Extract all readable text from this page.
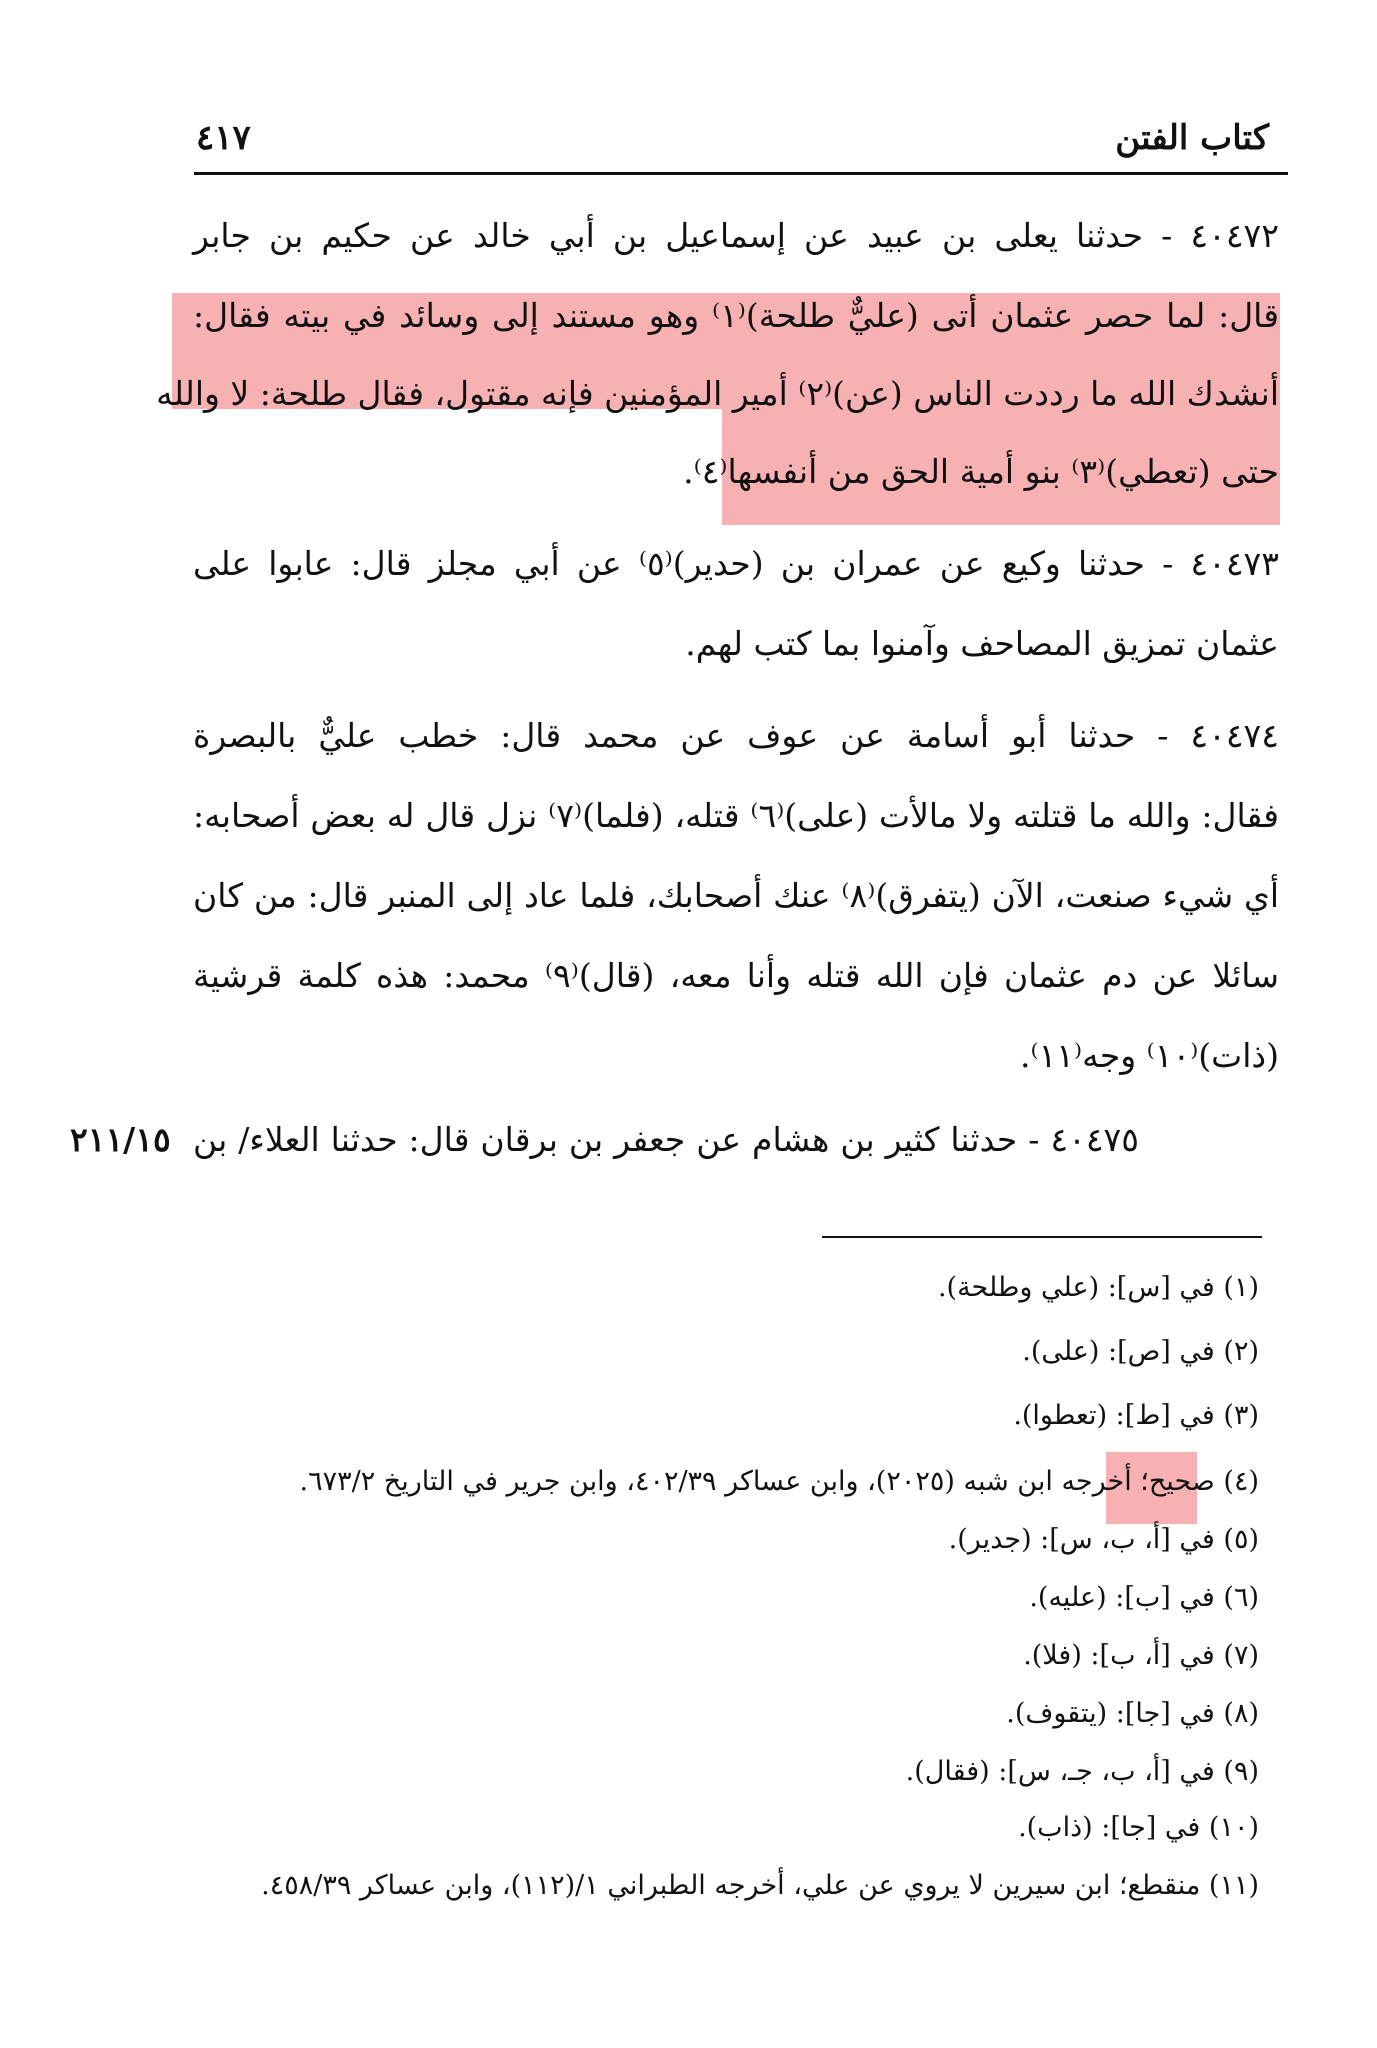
كتاب الفتن
٤١٧
٤٠٤٧٢ - حدثنا يعلى بن عبيد عن إسماعيل بن أبي خالد عن حكيم بن جابر
قال: لما حصر عثمان أتى (عليٌّ طلحة)⁽١⁾ وهو مستند إلى وسائد في بيته فقال:
أنشدك الله ما رددت الناس (عن)⁽٢⁾ أمير المؤمنين فإنه مقتول، فقال طلحة: لا والله
حتى (تعطي)⁽٣⁾ بنو أمية الحق من أنفسها⁽٤⁾.
٤٠٤٧٣ - حدثنا وكيع عن عمران بن (حدير)⁽٥⁾ عن أبي مجلز قال: عابوا على
عثمان تمزيق المصاحف وآمنوا بما كتب لهم.
٤٠٤٧٤ - حدثنا أبو أسامة عن عوف عن محمد قال: خطب عليٌّ بالبصرة
فقال: والله ما قتلته ولا مالأت (على)⁽٦⁾ قتله، (فلما)⁽٧⁾ نزل قال له بعض أصحابه:
أي شيء صنعت، الآن (يتفرق)⁽٨⁾ عنك أصحابك، فلما عاد إلى المنبر قال: من كان
سائلا عن دم عثمان فإن الله قتله وأنا معه، (قال)⁽٩⁾ محمد: هذه كلمة قرشية
(ذات)⁽١٠⁾ وجه⁽١١⁾.
٤٠٤٧٥ - حدثنا كثير بن هشام عن جعفر بن برقان قال: حدثنا العلاء/ بن
٢١١/١٥
(١) في [س]: (علي وطلحة).
(٢) في [ص]: (على).
(٣) في [ط]: (تعطوا).
(٤) صحيح؛ أخرجه ابن شبه (٢٠٢٥)، وابن عساكر ٤٠٢/٣٩، وابن جرير في التاريخ ٦٧٣/٢.
(٥) في [أ، ب، س]: (جدير).
(٦) في [ب]: (عليه).
(٧) في [أ، ب]: (فلا).
(٨) في [جا]: (يتقوف).
(٩) في [أ، ب، جـ، س]: (فقال).
(١٠) في [جا]: (ذاب).
(١١) منقطع؛ ابن سيرين لا يروي عن علي، أخرجه الطبراني ١/(١١٢)، وابن عساكر ٤٥٨/٣٩.
